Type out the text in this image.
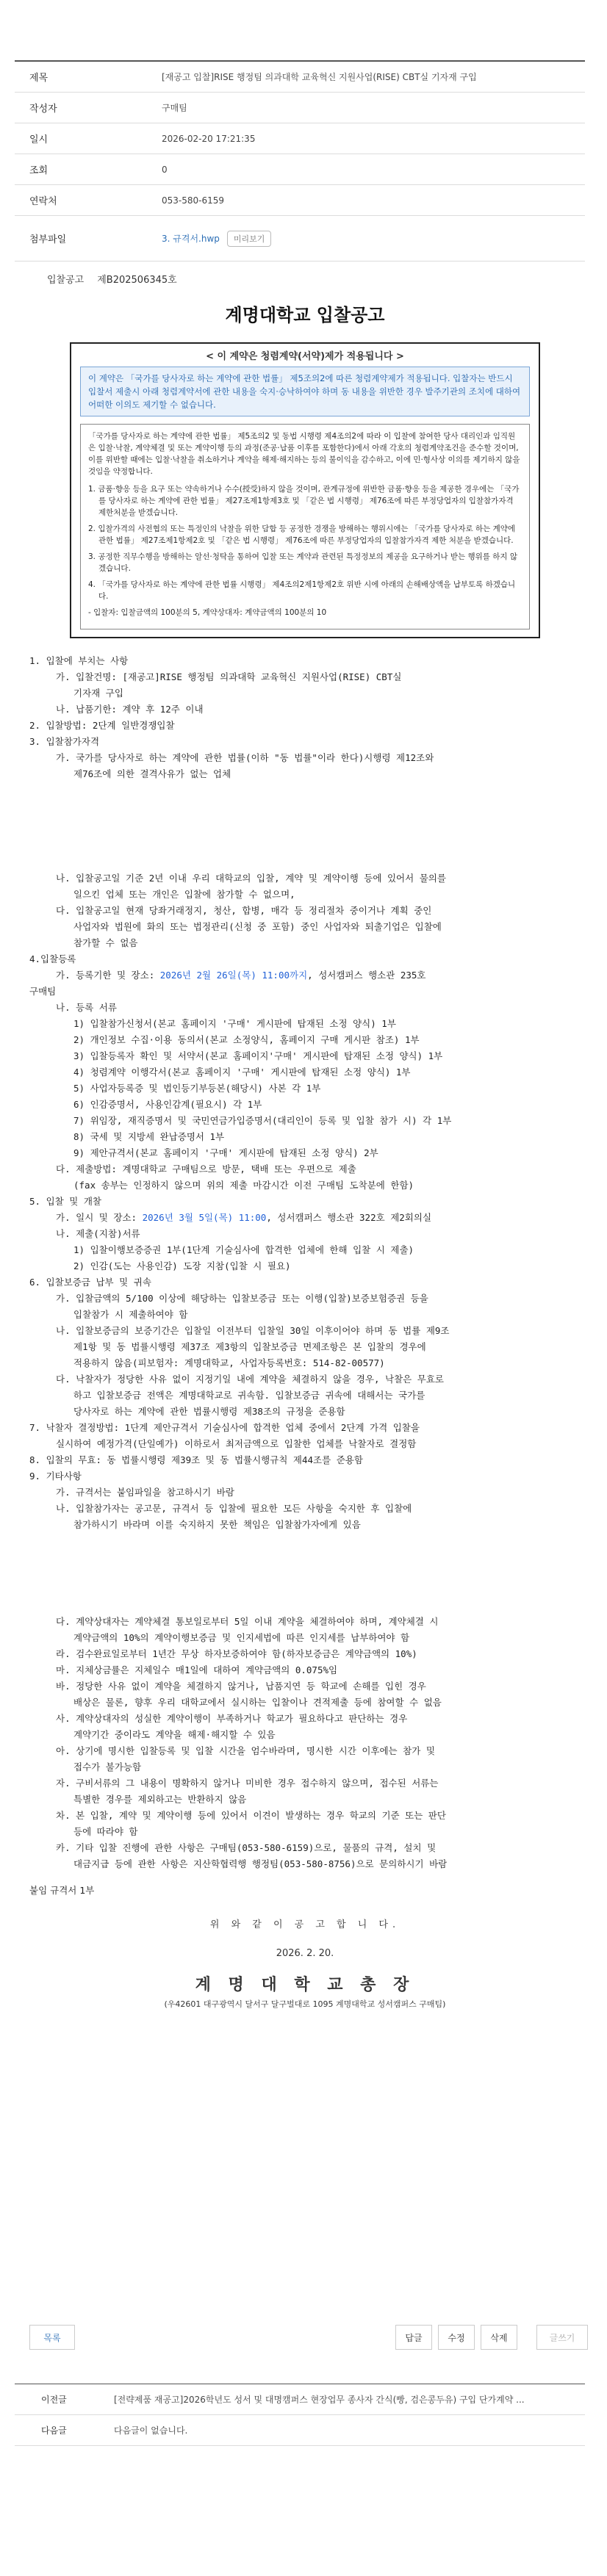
제목	[재공고 입찰]RISE 행정팀 의과대학 교육혁신 지원사업(RISE) CBT실 기자재 구입
작성자	구매팀
일시	2026-02-20 17:21:35
조회	0
연락처	053-580-6159
첨부파일	3. 규격서.hwp	미리보기
입찰공고 제B202506345호
계명대학교 입찰공고
< 이 계약은 청렴계약(서약)제가 적용됩니다 >
이 계약은 「국가를 당사자로 하는 계약에 관한 법률」 제5조의2에 따른 청렴계약제가 적용됩니다. 입찰자는 반드시 입찰서 제출시 아래 청렴계약서에 관한 내용을 숙지·승낙하여야 하며 동 내용을 위반한 경우 발주기관의 조치에 대하여 어떠한 이의도 제기할 수 없습니다.

「국가를 당사자로 하는 계약에 관한 법률」 제5조의2 및 동법 시행령 제4조의2에 따라 이 입찰에 참여한 당사 대리인과 임직원은 입찰·낙찰, 계약체결 및 또는 계약이행 등의 과정(준공·납품 이후를 포함한다)에서 아래 각호의 청렴계약조건을 준수할 것이며, 이를 위반할 때에는 입찰·낙찰을 취소하거나 계약을 해제·해지하는 등의 불이익을 감수하고, 이에 민·형사상 이의를 제기하지 않을 것임을 약정합니다.

1. 금품·향응 등을 요구 또는 약속하거나 수수(授受)하지 않을 것이며, 관계규정에 위반한 금품·향응 등을 제공한 경우에는 「국가를 당사자로 하는 계약에 관한 법률」 제27조제1항제3호 및 「같은 법 시행령」 제76조에 따른 부정당업자의 입찰참가자격 제한처분을 받겠습니다.
2. 입찰가격의 사전협의 또는 특정인의 낙찰을 위한 담합 등 공정한 경쟁을 방해하는 행위시에는 「국가를 당사자로 하는 계약에 관한 법률」 제27조제1항제2호 및 「같은 법 시행령」 제76조에 따른 부정당업자의 입찰참가자격 제한 처분을 받겠습니다.
3. 공정한 직무수행을 방해하는 알선·청탁을 통하여 입찰 또는 계약과 관련된 특정정보의 제공을 요구하거나 받는 행위를 하지 않겠습니다.
4. 「국가를 당사자로 하는 계약에 관한 법률 시행령」 제4조의2제1항제2호 위반 시에 아래의 손해배상액을 납부토록 하겠습니다.
- 입찰자: 입찰금액의 100분의 5, 계약상대자: 계약금액의 100분의 10
1. 입찰에 부치는 사항
가. 입찰건명: [재공고]RISE 행정팀 의과대학 교육혁신 지원사업(RISE) CBT실
기자재 구입
나. 납품기한: 계약 후 12주 이내
2. 입찰방법: 2단계 일반경쟁입찰
3. 입찰참가자격
가. 국가를 당사자로 하는 계약에 관한 법률(이하 "동 법률"이라 한다)시행령 제12조와
제76조에 의한 결격사유가 없는 업체
나. 입찰공고일 기준 2년 이내 우리 대학교의 입찰, 계약 및 계약이행 등에 있어서 물의를
일으킨 업체 또는 개인은 입찰에 참가할 수 없으며,
다. 입찰공고일 현재 당좌거래정지, 청산, 합병, 매각 등 정리절차 중이거나 계획 중인
사업자와 법원에 화의 또는 법정관리(신청 중 포함) 중인 사업자와 퇴출기업은 입찰에
참가할 수 없음
4.입찰등록
가. 등록기한 및 장소: 2026년 2월 26일(목) 11:00까지, 성서캠퍼스 행소관 235호
구매팀
나. 등록 서류
1) 입찰참가신청서(본교 홈페이지 '구매' 게시판에 탑재된 소정 양식) 1부
2) 개인정보 수집·이용 동의서(본교 소정양식, 홈페이지 구매 게시판 참조) 1부
3) 입찰등록자 확인 및 서약서(본교 홈페이지'구매' 게시판에 탑재된 소정 양식) 1부
4) 청렴계약 이행각서(본교 홈페이지 '구매' 게시판에 탑재된 소정 양식) 1부
5) 사업자등록증 및 법인등기부등본(해당시) 사본 각 1부
6) 인감증명서, 사용인감계(필요시) 각 1부
7) 위임장, 재직증명서 및 국민연금가입증명서(대리인이 등록 및 입찰 참가 시) 각 1부
8) 국세 및 지방세 완납증명서 1부
9) 제안규격서(본교 홈페이지 '구매' 게시판에 탑재된 소정 양식) 2부
다. 제출방법: 계명대학교 구매팀으로 방문, 택배 또는 우편으로 제출
(fax 송부는 인정하지 않으며 위의 제출 마감시간 이전 구매팀 도착분에 한함)
5. 입찰 및 개찰
가. 일시 및 장소: 2026년 3월 5일(목) 11:00, 성서캠퍼스 행소관 322호 제2회의실
나. 제출(지참)서류
1) 입찰이행보증증권 1부(1단계 기술심사에 합격한 업체에 한해 입찰 시 제출)
2) 인감(도는 사용인감) 도장 지참(입찰 시 필요)
6. 입찰보증금 납부 및 귀속
가. 입찰금액의 5/100 이상에 해당하는 입찰보증금 또는 이행(입찰)보증보험증권 등을
입찰참가 시 제출하여야 함
나. 입찰보증금의 보증기간은 입찰일 이전부터 입찰일 30일 이후이어야 하며 동 법률 제9조
제1항 및 동 법률시행령 제37조 제3항의 입찰보증금 면제조항은 본 입찰의 경우에
적용하지 않음(피보험자: 계명대학교, 사업자등록번호: 514-82-00577)
다. 낙찰자가 정당한 사유 없이 지정기일 내에 계약을 체결하지 않을 경우, 낙찰은 무효로
하고 입찰보증금 전액은 계명대학교로 귀속함. 입찰보증금 귀속에 대해서는 국가를
당사자로 하는 계약에 관한 법률시행령 제38조의 규정을 준용함
7. 낙찰자 결정방법: 1단계 제안규격서 기술심사에 합격한 업체 중에서 2단계 가격 입찰을
실시하여 예정가격(단일예가) 이하로서 최저금액으로 입찰한 업체를 낙찰자로 결정함
8. 입찰의 무효: 동 법률시행령 제39조 및 동 법률시행규칙 제44조를 준용함
9. 기타사항
가. 규격서는 붙임파일을 참고하시기 바람
나. 입찰참가자는 공고문, 규격서 등 입찰에 필요한 모든 사항을 숙지한 후 입찰에
참가하시기 바라며 이를 숙지하지 못한 책임은 입찰참가자에게 있음
다. 계약상대자는 계약체결 통보일로부터 5일 이내 계약을 체결하여야 하며, 계약체결 시
계약금액의 10%의 계약이행보증금 및 인지세법에 따른 인지세를 납부하여야 함
라. 검수완료일로부터 1년간 무상 하자보증하여야 함(하자보증금은 계약금액의 10%)
마. 지체상금률은 지체일수 매1일에 대하여 계약금액의 0.075%임
바. 정당한 사유 없이 계약을 체결하지 않거나, 납품지연 등 학교에 손해를 입힌 경우
배상은 물론, 향후 우리 대학교에서 실시하는 입찰이나 견적제출 등에 참여할 수 없음
사. 계약상대자의 성실한 계약이행이 부족하거나 학교가 필요하다고 판단하는 경우
계약기간 중이라도 계약을 해제·해지할 수 있음
아. 상기에 명시한 입찰등록 및 입찰 시간을 엄수바라며, 명시한 시간 이후에는 참가 및
접수가 불가능함
자. 구비서류의 그 내용이 명확하지 않거나 미비한 경우 접수하지 않으며, 접수된 서류는
특별한 경우를 제외하고는 반환하지 않음
차. 본 입찰, 계약 및 계약이행 등에 있어서 이견이 발생하는 경우 학교의 기준 또는 판단
등에 따라야 함
카. 기타 입찰 진행에 관한 사항은 구매팀(053-580-6159)으로, 물품의 규격, 설치 및
대금지급 등에 관한 사항은 지산학협력행 행정팀(053-580-8756)으로 문의하시기 바람
붙임 규격서 1부
위 와 같 이 공 고 합 니 다.
2026. 2. 20.
계 명 대 학 교 총 장
(우42601 대구광역시 달서구 달구벌대로 1095 계명대학교 성서캠퍼스 구매팀)
목록	답글	수정	삭제	글쓰기
이전글	[전략제품 재공고]2026학년도 성서 및 대명캠퍼스 현장업무 종사자 간식(빵, 검은콩두유) 구입 단가계약 ...
다음글	다음글이 없습니다.
